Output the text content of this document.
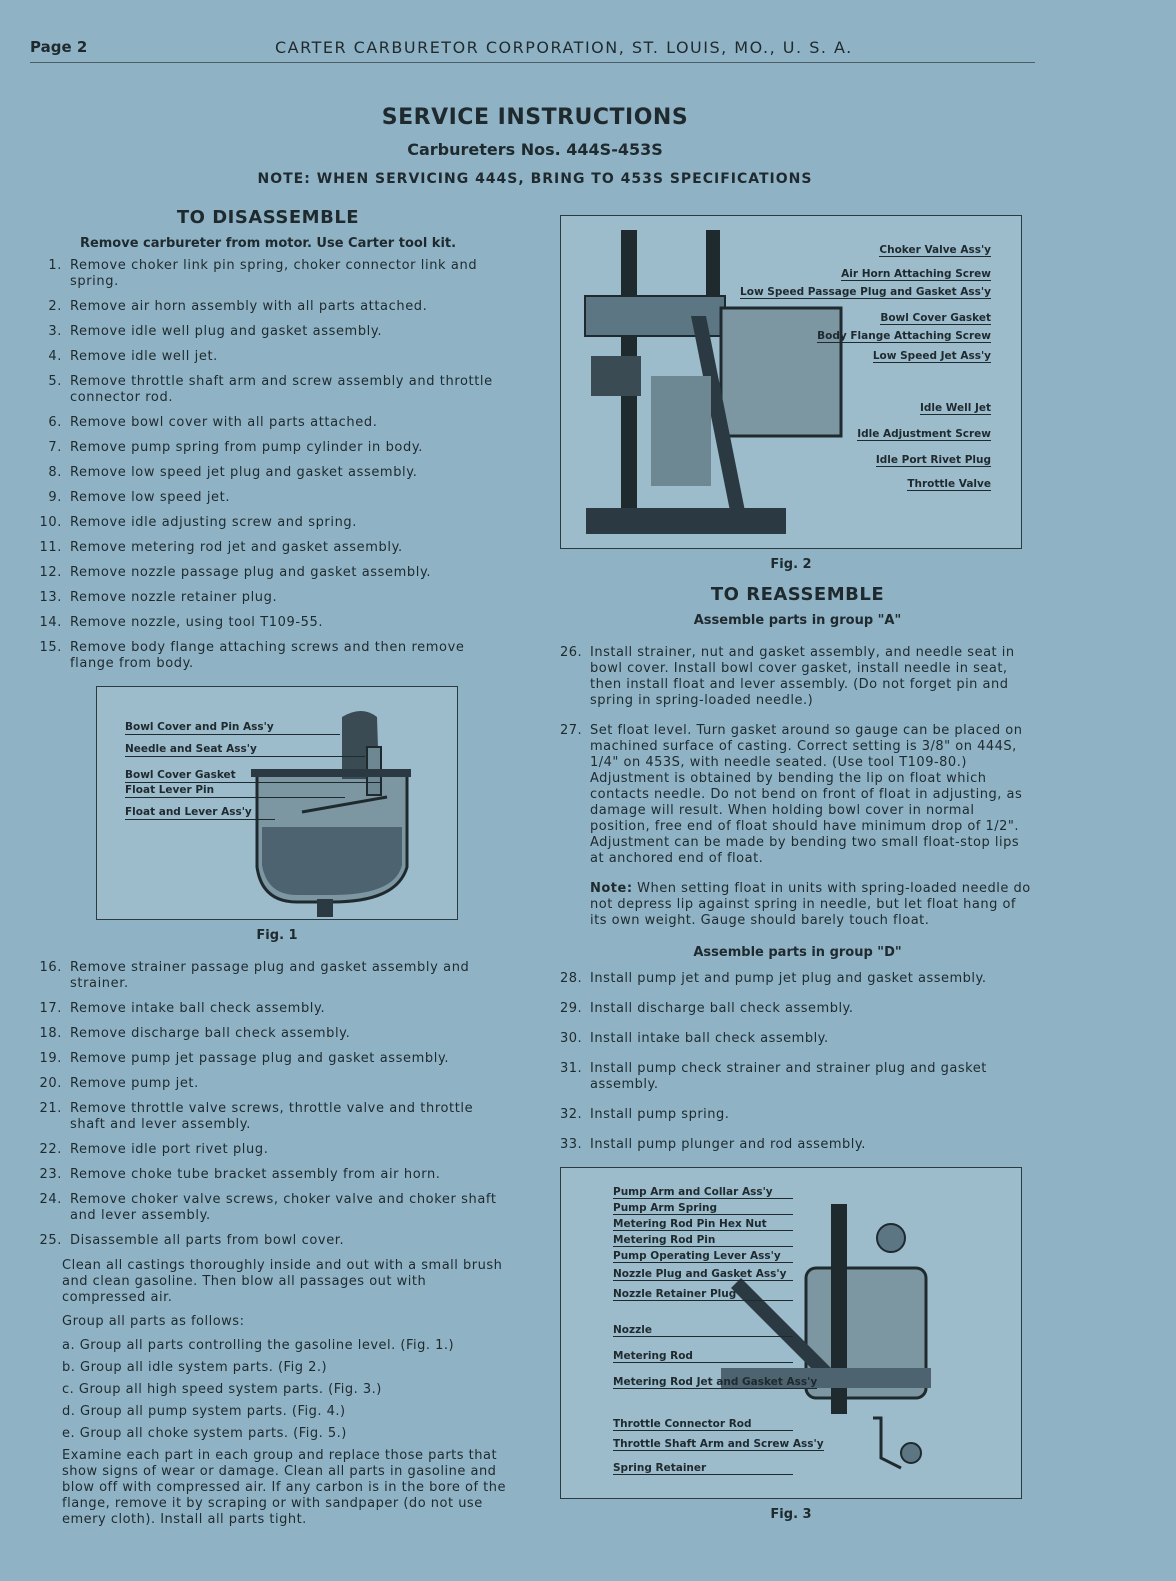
Page 2	CARTER CARBURETOR CORPORATION, ST. LOUIS, MO., U. S. A.
SERVICE INSTRUCTIONS
Carbureters Nos. 444S-453S
NOTE: WHEN SERVICING 444S, BRING TO 453S SPECIFICATIONS
TO DISASSEMBLE
Remove carbureter from motor. Use Carter tool kit.
1. Remove choker link pin spring, choker connector link and spring.
2. Remove air horn assembly with all parts attached.
3. Remove idle well plug and gasket assembly.
4. Remove idle well jet.
5. Remove throttle shaft arm and screw assembly and throttle connector rod.
6. Remove bowl cover with all parts attached.
7. Remove pump spring from pump cylinder in body.
8. Remove low speed jet plug and gasket assembly.
9. Remove low speed jet.
10. Remove idle adjusting screw and spring.
11. Remove metering rod jet and gasket assembly.
12. Remove nozzle passage plug and gasket assembly.
13. Remove nozzle retainer plug.
14. Remove nozzle, using tool T109-55.
15. Remove body flange attaching screws and then remove flange from body.
Bowl Cover and Pin Ass'y
Needle and Seat Ass'y
Bowl Cover Gasket
Float Lever Pin
Float and Lever Ass'y
Fig. 1
16. Remove strainer passage plug and gasket assembly and strainer.
17. Remove intake ball check assembly.
18. Remove discharge ball check assembly.
19. Remove pump jet passage plug and gasket assembly.
20. Remove pump jet.
21. Remove throttle valve screws, throttle valve and throttle shaft and lever assembly.
22. Remove idle port rivet plug.
23. Remove choke tube bracket assembly from air horn.
24. Remove choker valve screws, choker valve and choker shaft and lever assembly.
25. Disassemble all parts from bowl cover.
Clean all castings thoroughly inside and out with a small brush and clean gasoline. Then blow all passages out with compressed air.
Group all parts as follows:
a. Group all parts controlling the gasoline level. (Fig. 1.)
b. Group all idle system parts. (Fig 2.)
c. Group all high speed system parts. (Fig. 3.)
d. Group all pump system parts. (Fig. 4.)
e. Group all choke system parts. (Fig. 5.)
Examine each part in each group and replace those parts that show signs of wear or damage. Clean all parts in gasoline and blow off with compressed air. If any carbon is in the bore of the flange, remove it by scraping or with sandpaper (do not use emery cloth). Install all parts tight.
Choker Valve Ass'y
Air Horn Attaching Screw
Low Speed Passage Plug and Gasket Ass'y
Bowl Cover Gasket
Body Flange Attaching Screw
Low Speed Jet Ass'y
Idle Well Jet
Idle Adjustment Screw
Idle Port Rivet Plug
Throttle Valve
Fig. 2
TO REASSEMBLE
Assemble parts in group "A"
26. Install strainer, nut and gasket assembly, and needle seat in bowl cover. Install bowl cover gasket, install needle in seat, then install float and lever assembly. (Do not forget pin and spring in spring-loaded needle.)
27. Set float level. Turn gasket around so gauge can be placed on machined surface of casting. Correct setting is 3/8" on 444S, 1/4" on 453S, with needle seated. (Use tool T109-80.) Adjustment is obtained by bending the lip on float which contacts needle. Do not bend on front of float in adjusting, as damage will result. When holding bowl cover in normal position, free end of float should have minimum drop of 1/2". Adjustment can be made by bending two small float-stop lips at anchored end of float.
Note: When setting float in units with spring-loaded needle do not depress lip against spring in needle, but let float hang of its own weight. Gauge should barely touch float.
Assemble parts in group "D"
28. Install pump jet and pump jet plug and gasket assembly.
29. Install discharge ball check assembly.
30. Install intake ball check assembly.
31. Install pump check strainer and strainer plug and gasket assembly.
32. Install pump spring.
33. Install pump plunger and rod assembly.
Pump Arm and Collar Ass'y
Pump Arm Spring
Metering Rod Pin Hex Nut
Metering Rod Pin
Pump Operating Lever Ass'y
Nozzle Plug and Gasket Ass'y
Nozzle Retainer Plug
Nozzle
Metering Rod
Metering Rod Jet and Gasket Ass'y
Throttle Connector Rod
Throttle Shaft Arm and Screw Ass'y
Spring Retainer
Fig. 3
